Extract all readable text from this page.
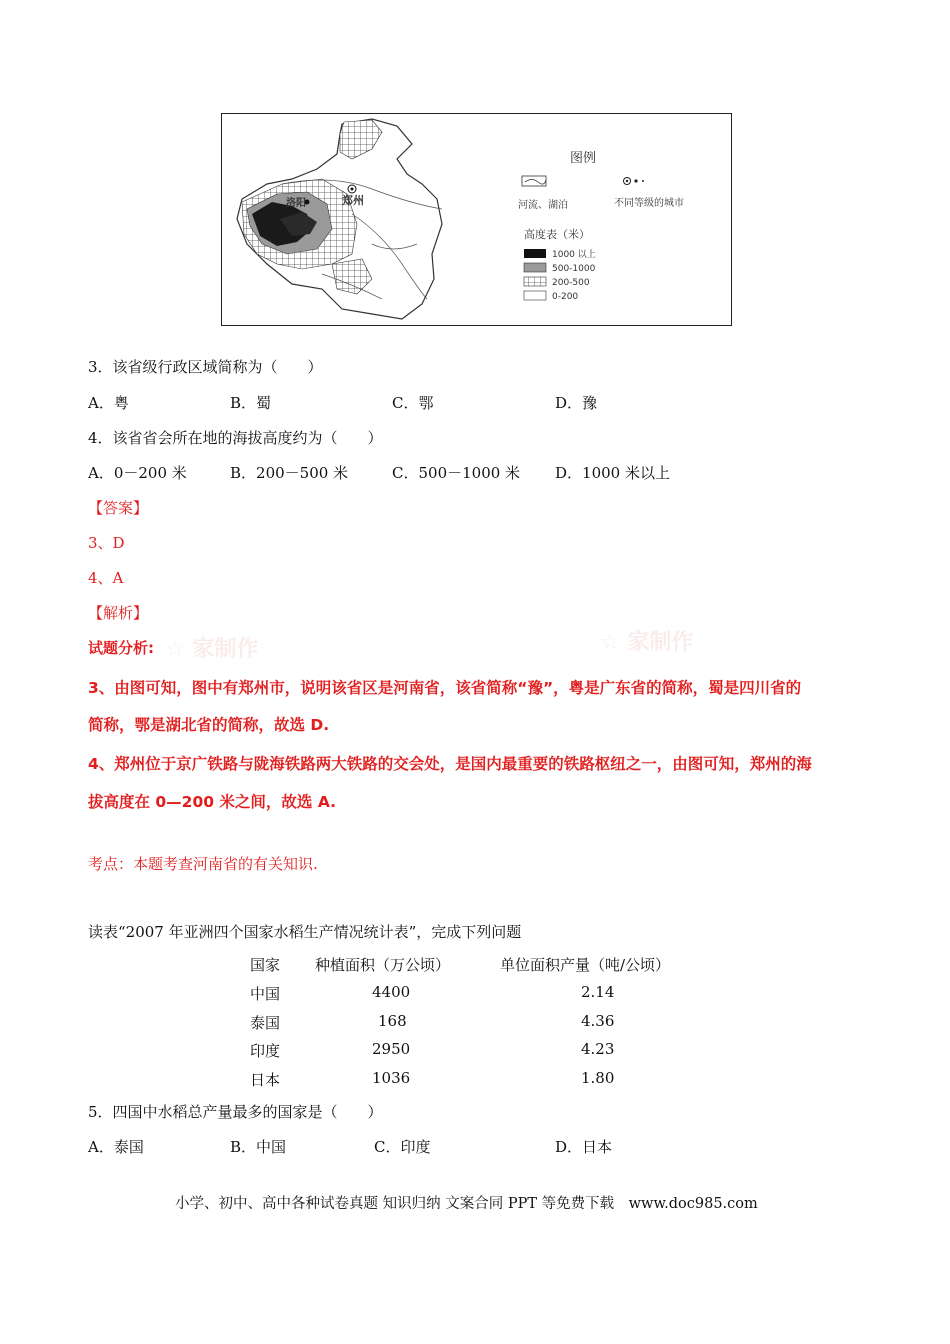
郑州
洛阳
图例
河流、湖泊	不同等级的城市
高度表（米）
1000 以上
500-1000
200-500
0-200
3．该省级行政区域简称为（　　）
A．粤	B．蜀	C．鄂	D．豫
4．该省省会所在地的海拔高度约为（　　）
A．0－200 米	B．200－500 米	C．500－1000 米 D．1000 米以上
【答案】
3、D
4、A
【解析】
☆ 家制作	☆ 家制作
试题分析:
3、由图可知，图中有郑州市，说明该省区是河南省，该省简称“豫”，粤是广东省的简称，蜀是四川省的
简称，鄂是湖北省的简称，故选 D.
4、郑州位于京广铁路与陇海铁路两大铁路的交会处，是国内最重要的铁路枢纽之一，由图可知，郑州的海
拔高度在 0—200 米之间，故选 A.
考点：本题考查河南省的有关知识.
读表“2007 年亚洲四个国家水稻生产情况统计表”，完成下列问题
国家 种植面积（万公顷）	单位面积产量（吨/公顷）
中国	4400	2.14
泰国	168	4.36
印度	2950	4.23
日本	1036	1.80
5．四国中水稻总产量最多的国家是（　　）
A．泰国	B．中国	C．印度	D．日本
小学、初中、高中各种试卷真题 知识归纳 文案合同 PPT 等免费下载　www.doc985.com
